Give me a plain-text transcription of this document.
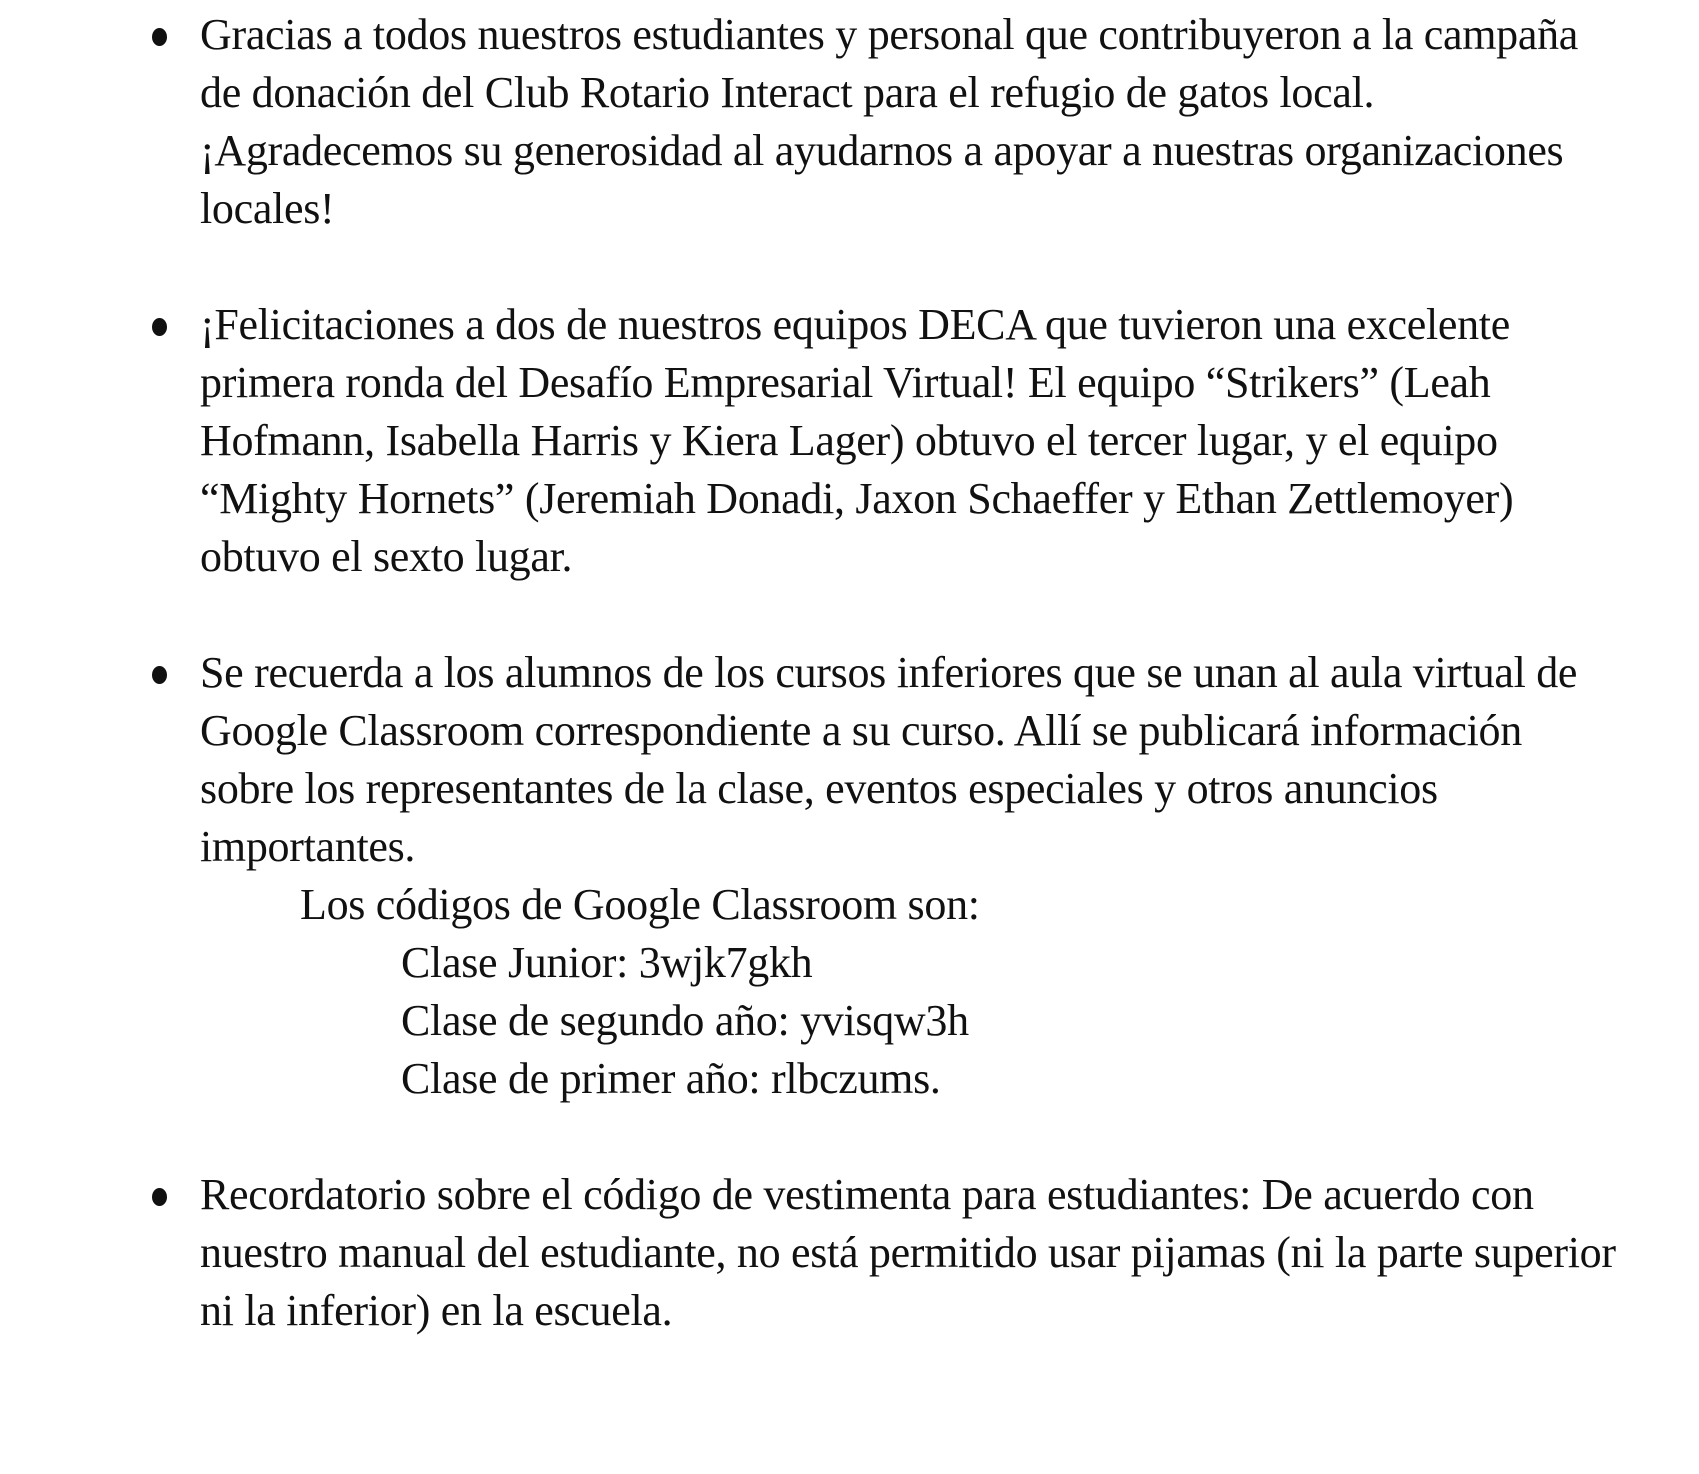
Gracias a todos nuestros estudiantes y personal que contribuyeron a la campaña de donación del Club Rotario Interact para el refugio de gatos local. ¡Agradecemos su generosidad al ayudarnos a apoyar a nuestras organizaciones locales!

¡Felicitaciones a dos de nuestros equipos DECA que tuvieron una excelente primera ronda del Desafío Empresarial Virtual! El equipo “Strikers” (Leah Hofmann, Isabella Harris y Kiera Lager) obtuvo el tercer lugar, y el equipo “Mighty Hornets” (Jeremiah Donadi, Jaxon Schaeffer y Ethan Zettlemoyer) obtuvo el sexto lugar.

Se recuerda a los alumnos de los cursos inferiores que se unan al aula virtual de Google Classroom correspondiente a su curso. Allí se publicará información sobre los representantes de la clase, eventos especiales y otros anuncios importantes.

Los códigos de Google Classroom son:

Clase Junior: 3wjk7gkh
Clase de segundo año: yvisqw3h
Clase de primer año: rlbczums.

Recordatorio sobre el código de vestimenta para estudiantes: De acuerdo con nuestro manual del estudiante, no está permitido usar pijamas (ni la parte superior ni la inferior) en la escuela.
